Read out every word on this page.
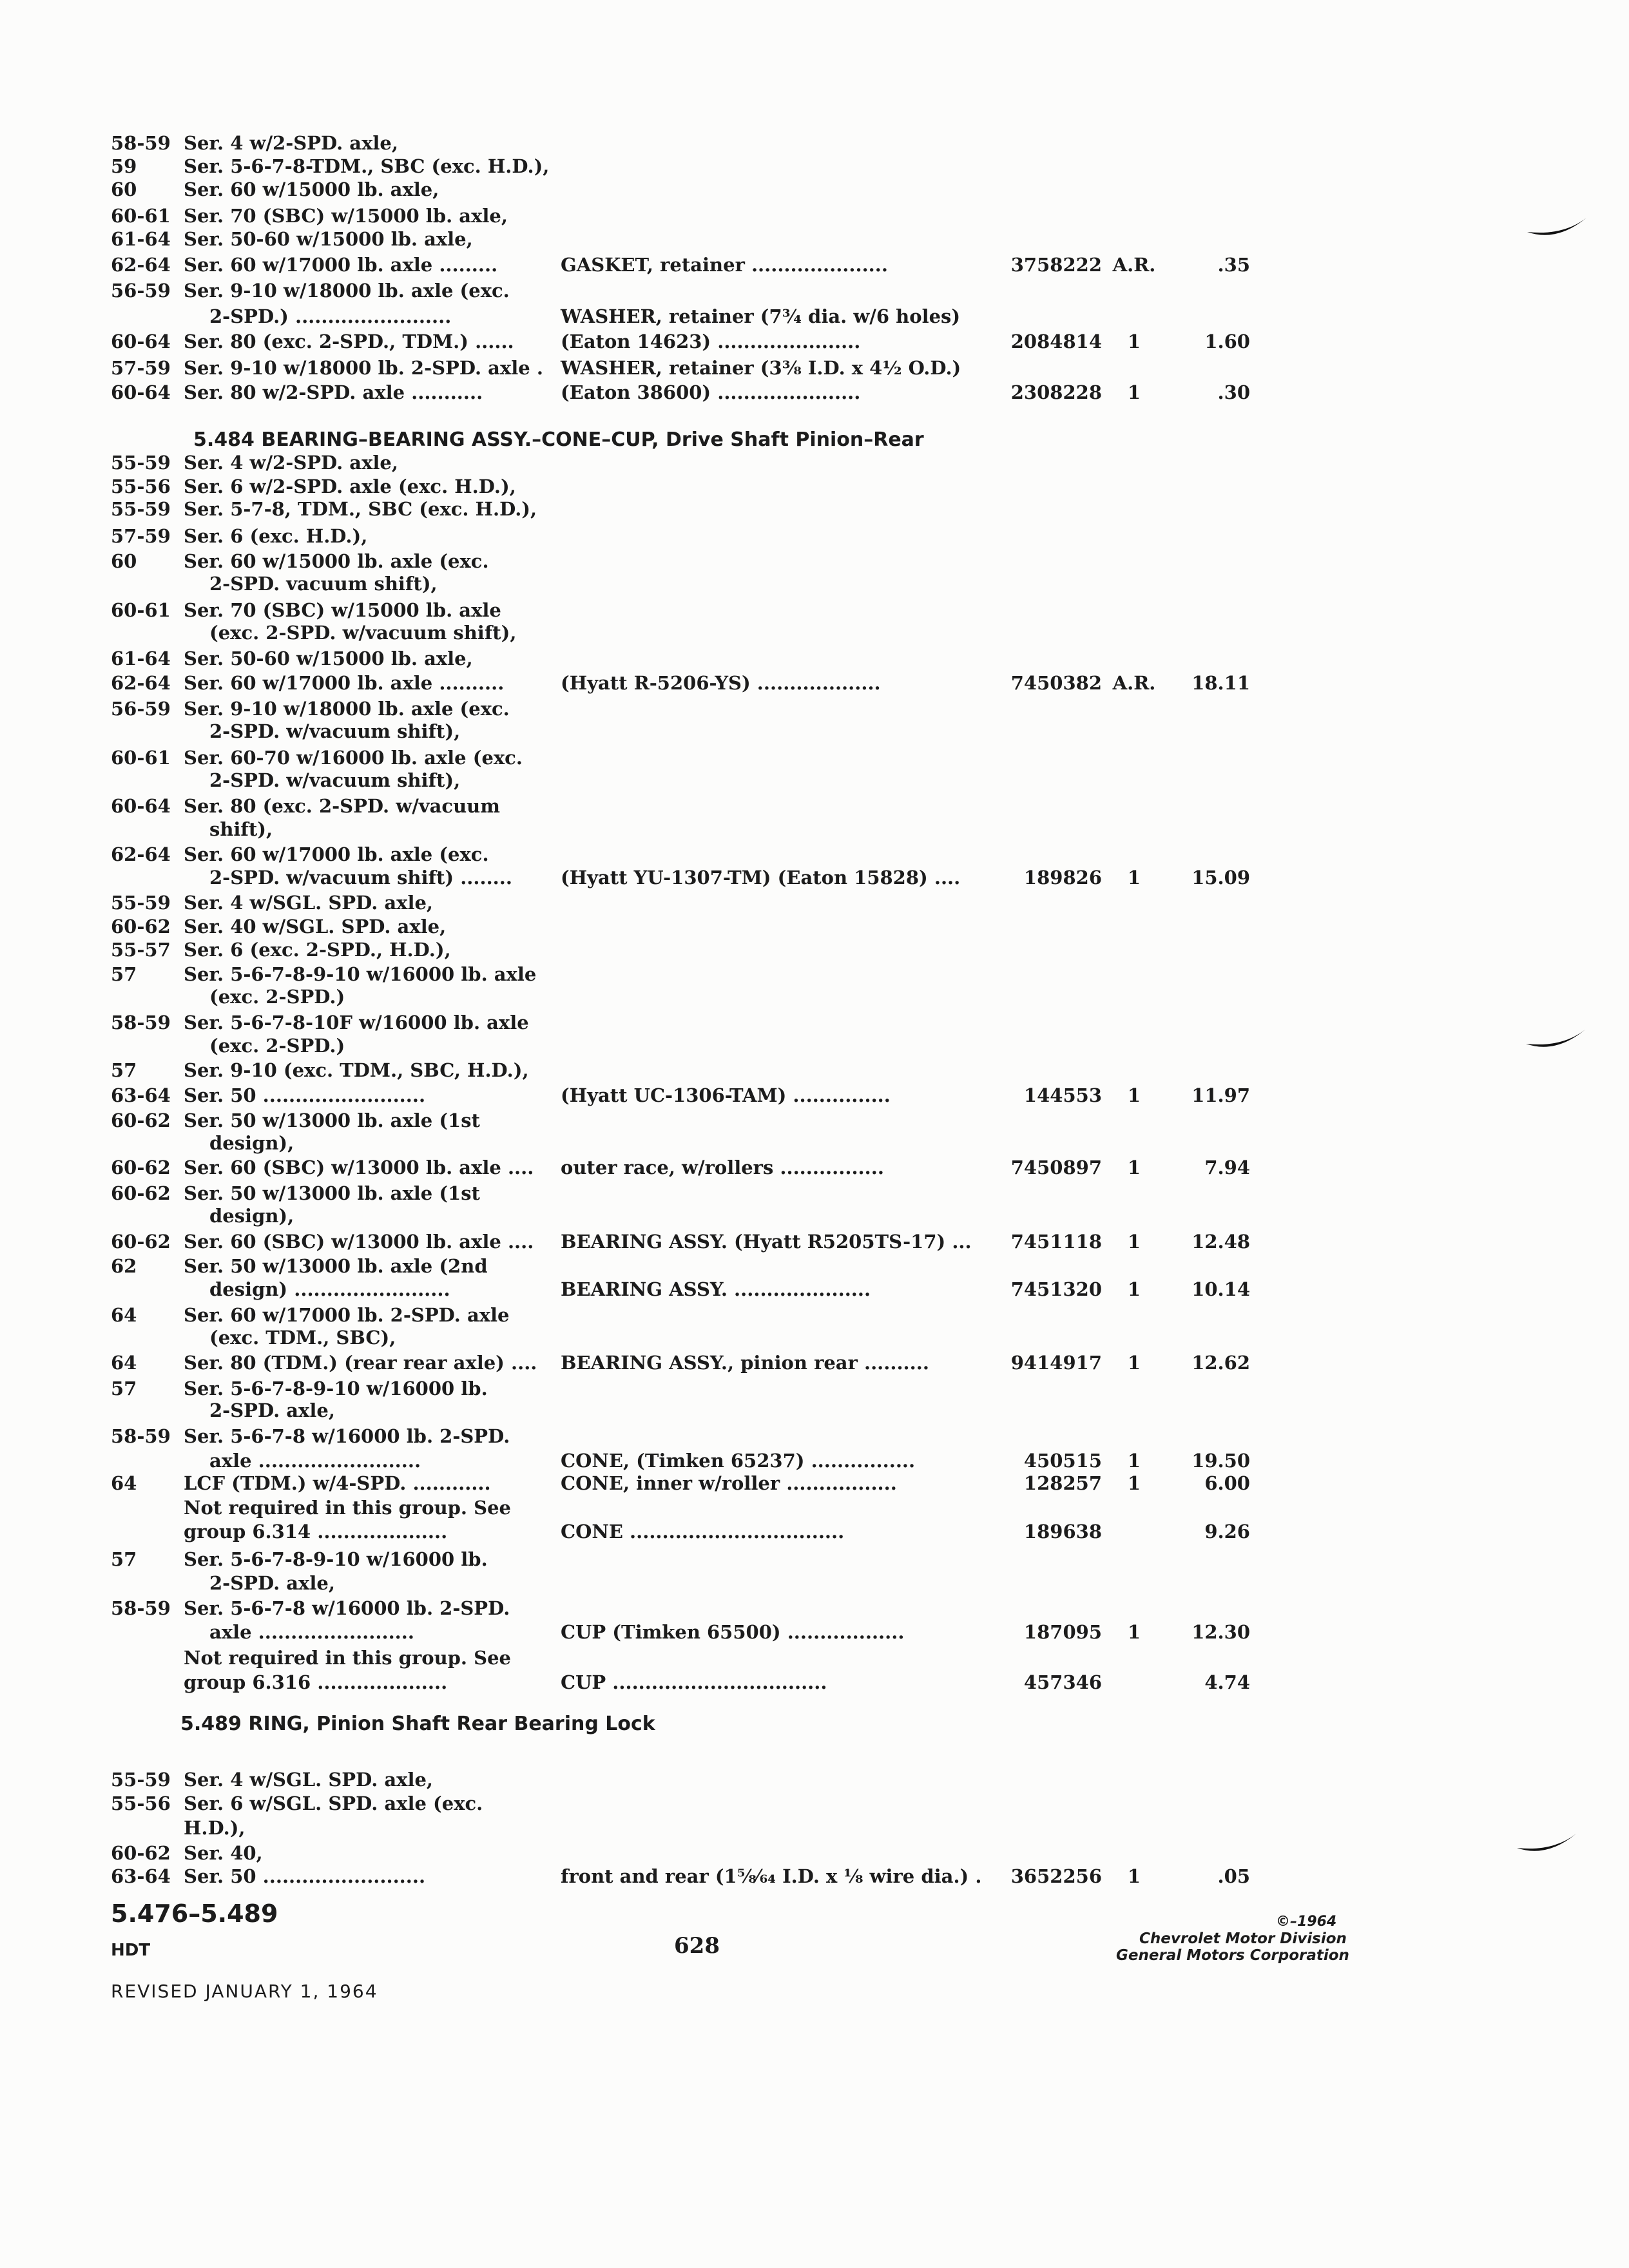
58-59 Ser. 4 w/2-SPD. axle,
59	Ser. 5-6-7-8-TDM., SBC (exc. H.D.),
60	Ser. 60 w/15000 lb. axle,
60-61 Ser. 70 (SBC) w/15000 lb. axle,
61-64 Ser. 50-60 w/15000 lb. axle,
62-64 Ser. 60 w/17000 lb. axle .........	GASKET, retainer .....................	3758222 A.R.	.35
56-59 Ser. 9-10 w/18000 lb. axle (exc.
2-SPD.) ........................	WASHER, retainer (7¾ dia. w/6 holes)
60-64 Ser. 80 (exc. 2-SPD., TDM.) ...... (Eaton 14623) ......................	2084814	1	1.60
57-59 Ser. 9-10 w/18000 lb. 2-SPD. axle . WASHER, retainer (3⅜ I.D. x 4½ O.D.)
60-64 Ser. 80 w/2-SPD. axle ...........	(Eaton 38600) ......................	2308228	1	.30
55-59 Ser. 4 w/2-SPD. axle,
55-56 Ser. 6 w/2-SPD. axle (exc. H.D.),
55-59 Ser. 5-7-8, TDM., SBC (exc. H.D.),
57-59 Ser. 6 (exc. H.D.),
60	Ser. 60 w/15000 lb. axle (exc.
2-SPD. vacuum shift),
60-61 Ser. 70 (SBC) w/15000 lb. axle
(exc. 2-SPD. w/vacuum shift),
61-64 Ser. 50-60 w/15000 lb. axle,
62-64 Ser. 60 w/17000 lb. axle ..........	(Hyatt R-5206-YS) ...................	7450382 A.R.	18.11
56-59 Ser. 9-10 w/18000 lb. axle (exc.
2-SPD. w/vacuum shift),
60-61 Ser. 60-70 w/16000 lb. axle (exc.
2-SPD. w/vacuum shift),
60-64 Ser. 80 (exc. 2-SPD. w/vacuum
shift),
62-64 Ser. 60 w/17000 lb. axle (exc.
2-SPD. w/vacuum shift) ........	(Hyatt YU-1307-TM) (Eaton 15828) ....	189826	1	15.09
55-59 Ser. 4 w/SGL. SPD. axle,
60-62 Ser. 40 w/SGL. SPD. axle,
55-57 Ser. 6 (exc. 2-SPD., H.D.),
57	Ser. 5-6-7-8-9-10 w/16000 lb. axle
(exc. 2-SPD.)
58-59 Ser. 5-6-7-8-10F w/16000 lb. axle
(exc. 2-SPD.)
57	Ser. 9-10 (exc. TDM., SBC, H.D.),
63-64 Ser. 50 .........................	(Hyatt UC-1306-TAM) ...............	144553	1	11.97
60-62 Ser. 50 w/13000 lb. axle (1st
design),
60-62 Ser. 60 (SBC) w/13000 lb. axle .... outer race, w/rollers ................	7450897	1	7.94
60-62 Ser. 50 w/13000 lb. axle (1st
design),
60-62 Ser. 60 (SBC) w/13000 lb. axle .... BEARING ASSY. (Hyatt R5205TS-17) ...	7451118	1	12.48
62	Ser. 50 w/13000 lb. axle (2nd
design) ........................	BEARING ASSY. .....................	7451320	1	10.14
64	Ser. 60 w/17000 lb. 2-SPD. axle
(exc. TDM., SBC),
64	Ser. 80 (TDM.) (rear rear axle) .... BEARING ASSY., pinion rear ..........	9414917	1	12.62
57	Ser. 5-6-7-8-9-10 w/16000 lb.
2-SPD. axle,
58-59 Ser. 5-6-7-8 w/16000 lb. 2-SPD.
axle .........................	CONE, (Timken 65237) ................	450515	1	19.50
64	LCF (TDM.) w/4-SPD. ............	CONE, inner w/roller .................	128257	1	6.00
Not required in this group. See
group 6.314 ....................	CONE .................................	189638	9.26
57	Ser. 5-6-7-8-9-10 w/16000 lb.
2-SPD. axle,
58-59 Ser. 5-6-7-8 w/16000 lb. 2-SPD.
axle ........................	CUP (Timken 65500) ..................	187095	1	12.30
Not required in this group. See
group 6.316 ....................	CUP .................................	457346	4.74
55-59 Ser. 4 w/SGL. SPD. axle,
55-56 Ser. 6 w/SGL. SPD. axle (exc.
H.D.),
60-62 Ser. 40,
63-64 Ser. 50 .........................	front and rear (1⅝⁄₆₄ I.D. x ⅛ wire dia.) .	3652256	1	.05
5.484 BEARING–BEARING ASSY.–CONE–CUP, Drive Shaft Pinion–Rear
5.489 RING, Pinion Shaft Rear Bearing Lock
5.476–5.489
HDT	628
©–1964
Chevrolet Motor Division
General Motors Corporation
REVISED JANUARY 1, 1964
